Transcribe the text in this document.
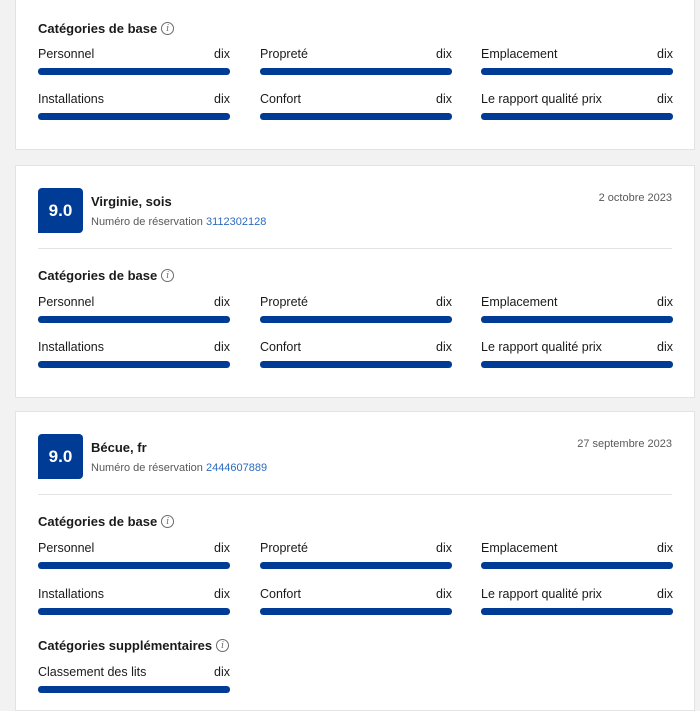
Catégories de base	i
Personnel	dix Propreté	dix Emplacement	dix
Installations	dix Confort	dix Le rapport qualité prix	dix
9.0	Virginie, sois
Numéro de réservation 3112302128
2 octobre 2023
Catégories de base	i
Personnel	dix Propreté	dix Emplacement	dix
Installations	dix Confort	dix Le rapport qualité prix	dix
9.0	Bécue, fr
Numéro de réservation 2444607889
27 septembre 2023
Catégories de base	i
Personnel	dix Propreté	dix Emplacement	dix
Installations	dix Confort	dix Le rapport qualité prix	dix
Catégories supplémentaires	i
Classement des lits	dix
